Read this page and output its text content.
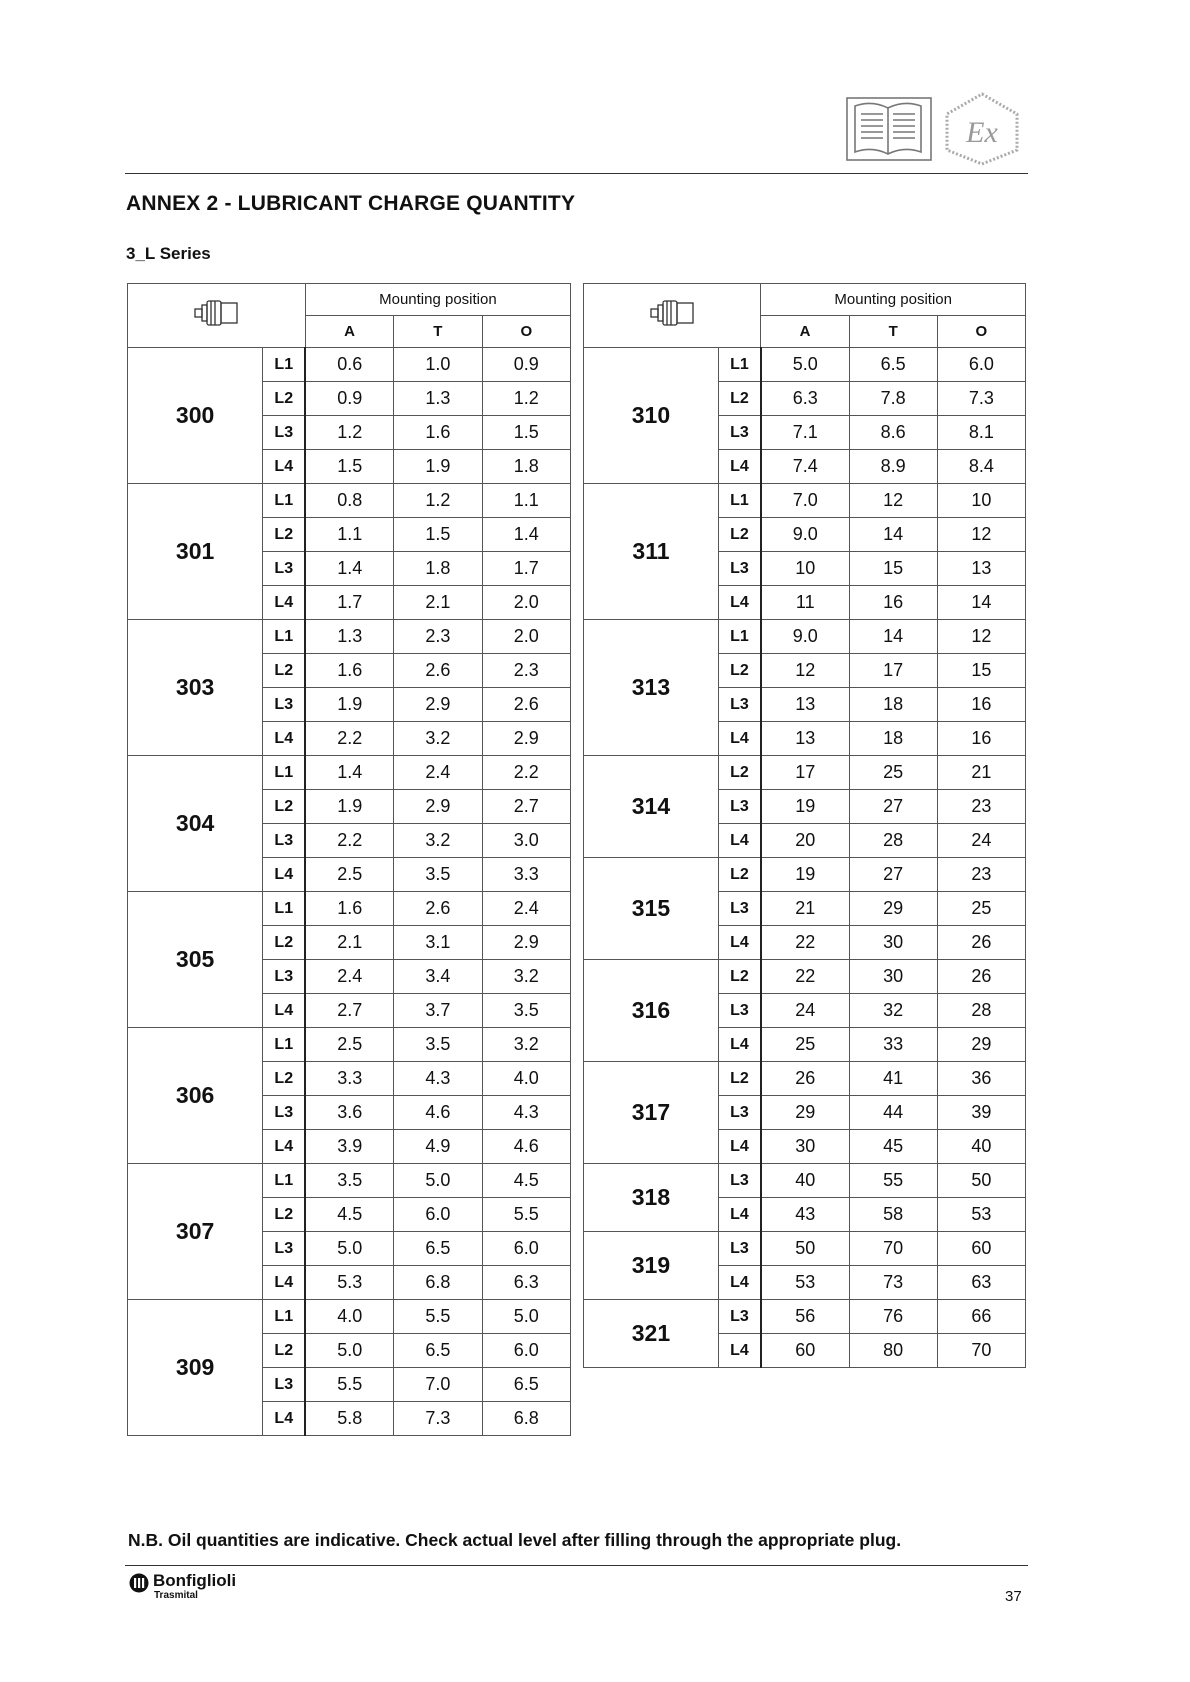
Ex
ANNEX 2 - LUBRICANT CHARGE QUANTITY
3_L Series
	Mounting position		
		A	T	O
300	L1	0.6	1.0	0.9
	L2	0.9	1.3	1.2
	L3	1.2	1.6	1.5
	L4	1.5	1.9	1.8
301	L1	0.8	1.2	1.1
	L2	1.1	1.5	1.4
	L3	1.4	1.8	1.7
	L4	1.7	2.1	2.0
303	L1	1.3	2.3	2.0
	L2	1.6	2.6	2.3
	L3	1.9	2.9	2.6
	L4	2.2	3.2	2.9
304	L1	1.4	2.4	2.2
	L2	1.9	2.9	2.7
	L3	2.2	3.2	3.0
	L4	2.5	3.5	3.3
305	L1	1.6	2.6	2.4
	L2	2.1	3.1	2.9
	L3	2.4	3.4	3.2
	L4	2.7	3.7	3.5
306	L1	2.5	3.5	3.2
	L2	3.3	4.3	4.0
	L3	3.6	4.6	4.3
	L4	3.9	4.9	4.6
307	L1	3.5	5.0	4.5
	L2	4.5	6.0	5.5
	L3	5.0	6.5	6.0
	L4	5.3	6.8	6.3
309	L1	4.0	5.5	5.0
	L2	5.0	6.5	6.0
	L3	5.5	7.0	6.5
	L4	5.8	7.3	6.8
	Mounting position		
		A	T	O
310	L1	5.0	6.5	6.0
	L2	6.3	7.8	7.3
	L3	7.1	8.6	8.1
	L4	7.4	8.9	8.4
311	L1	7.0	12	10
	L2	9.0	14	12
	L3	10	15	13
	L4	11	16	14
313	L1	9.0	14	12
	L2	12	17	15
	L3	13	18	16
	L4	13	18	16
314	L2	17	25	21
	L3	19	27	23
	L4	20	28	24
315	L2	19	27	23
	L3	21	29	25
	L4	22	30	26
316	L2	22	30	26
	L3	24	32	28
	L4	25	33	29
317	L2	26	41	36
	L3	29	44	39
	L4	30	45	40
318	L3	40	55	50
	L4	43	58	53
319	L3	50	70	60
	L4	53	73	63
321	L3	56	76	66
	L4	60	80	70
N.B. Oil quantities are indicative. Check actual level after filling through the appropriate plug.
Bonfiglioli
Trasmital	37
